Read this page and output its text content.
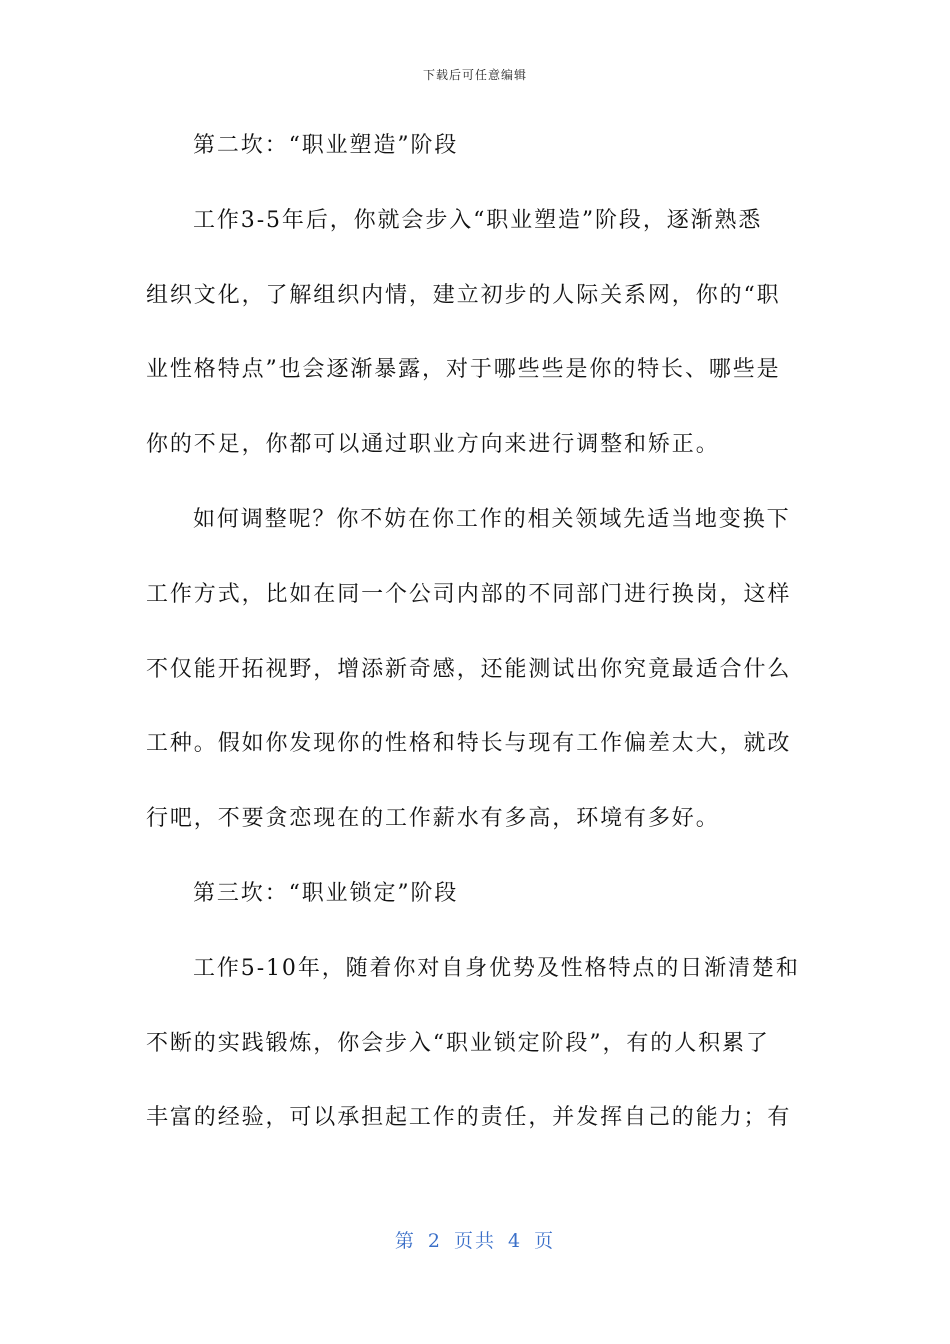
下载后可任意编辑
第二坎：“职业塑造”阶段
工作3-5年后，你就会步入“职业塑造”阶段，逐渐熟悉
组织文化，了解组织内情，建立初步的人际关系网，你的“职
业性格特点”也会逐渐暴露，对于哪些些是你的特长、哪些是
你的不足，你都可以通过职业方向来进行调整和矫正。
如何调整呢？你不妨在你工作的相关领域先适当地变换下
工作方式，比如在同一个公司内部的不同部门进行换岗，这样
不仅能开拓视野，增添新奇感，还能测试出你究竟最适合什么
工种。假如你发现你的性格和特长与现有工作偏差太大，就改
行吧，不要贪恋现在的工作薪水有多高，环境有多好。
第三坎：“职业锁定”阶段
工作5-10年，随着你对自身优势及性格特点的日渐清楚和
不断的实践锻炼，你会步入“职业锁定阶段”，有的人积累了
丰富的经验，可以承担起工作的责任，并发挥自己的能力；有
第 2 页共 4 页
